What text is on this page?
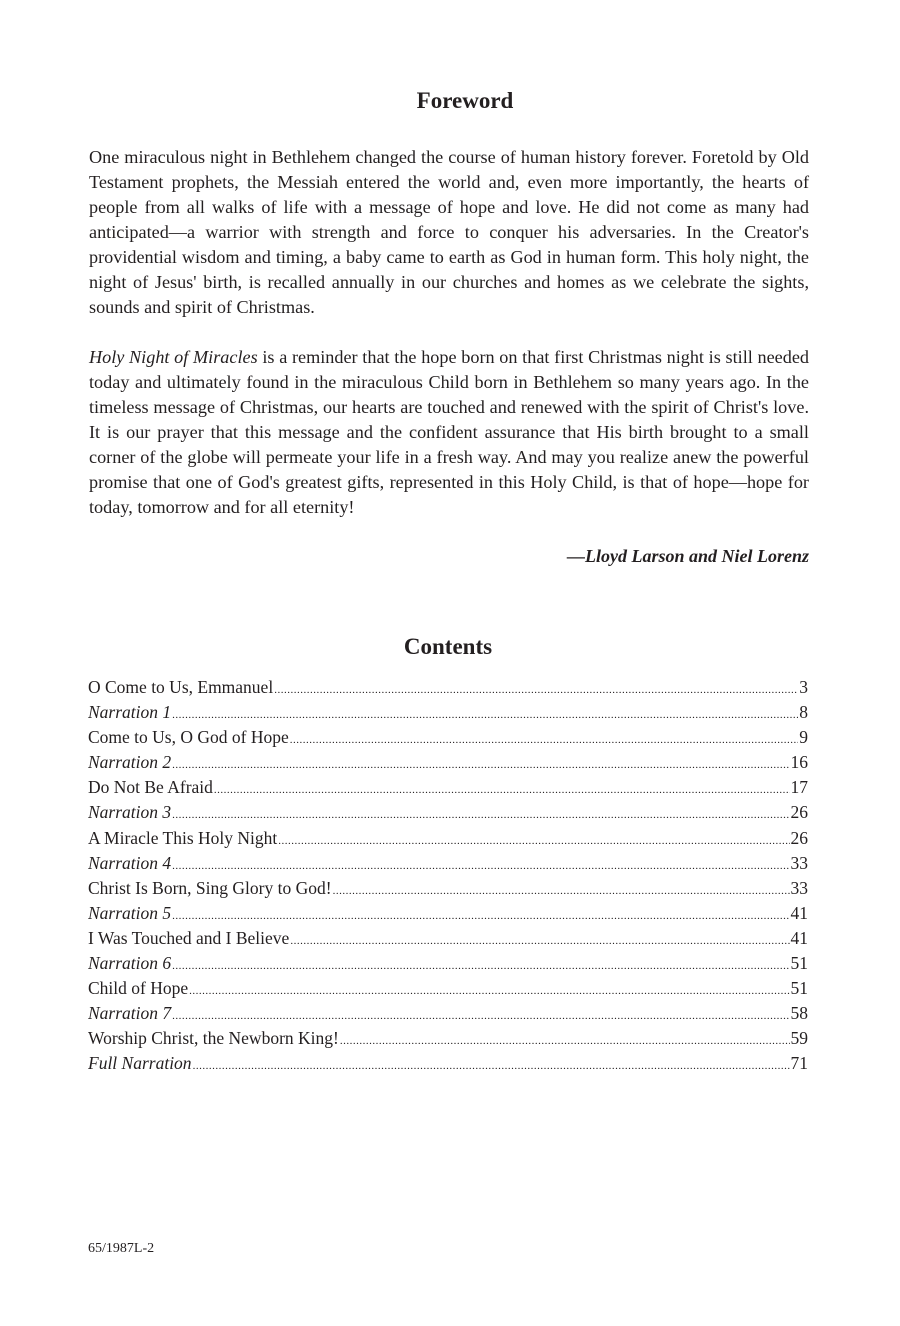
Foreword

One miraculous night in Bethlehem changed the course of human history forever. Foretold by Old Testament prophets, the Messiah entered the world and, even more importantly, the hearts of people from all walks of life with a message of hope and love. He did not come as many had anticipated—a warrior with strength and force to conquer his adversaries. In the Creator's providential wisdom and timing, a baby came to earth as God in human form. This holy night, the night of Jesus' birth, is recalled annually in our churches and homes as we celebrate the sights, sounds and spirit of Christmas.

Holy Night of Miracles is a reminder that the hope born on that first Christmas night is still needed today and ultimately found in the miraculous Child born in Bethlehem so many years ago. In the timeless message of Christmas, our hearts are touched and renewed with the spirit of Christ's love. It is our prayer that this message and the confident assurance that His birth brought to a small corner of the globe will permeate your life in a fresh way. And may you realize anew the powerful promise that one of God's greatest gifts, represented in this Holy Child, is that of hope—hope for today, tomorrow and for all eternity!

—Lloyd Larson and Niel Lorenz
Contents
O Come to Us, Emmanuel .....	3
Narration 1 .....	8
Come to Us, O God of Hope .....	9
Narration 2 .....	16
Do Not Be Afraid .....	17
Narration 3 .....	26
A Miracle This Holy Night .....	26
Narration 4 .....	33
Christ Is Born, Sing Glory to God! .....	33
Narration 5 .....	41
I Was Touched and I Believe .....	41
Narration 6 .....	51
Child of Hope .....	51
Narration 7 .....	58
Worship Christ, the Newborn King! .....	59
Full Narration .....	71
65/1987L-2
